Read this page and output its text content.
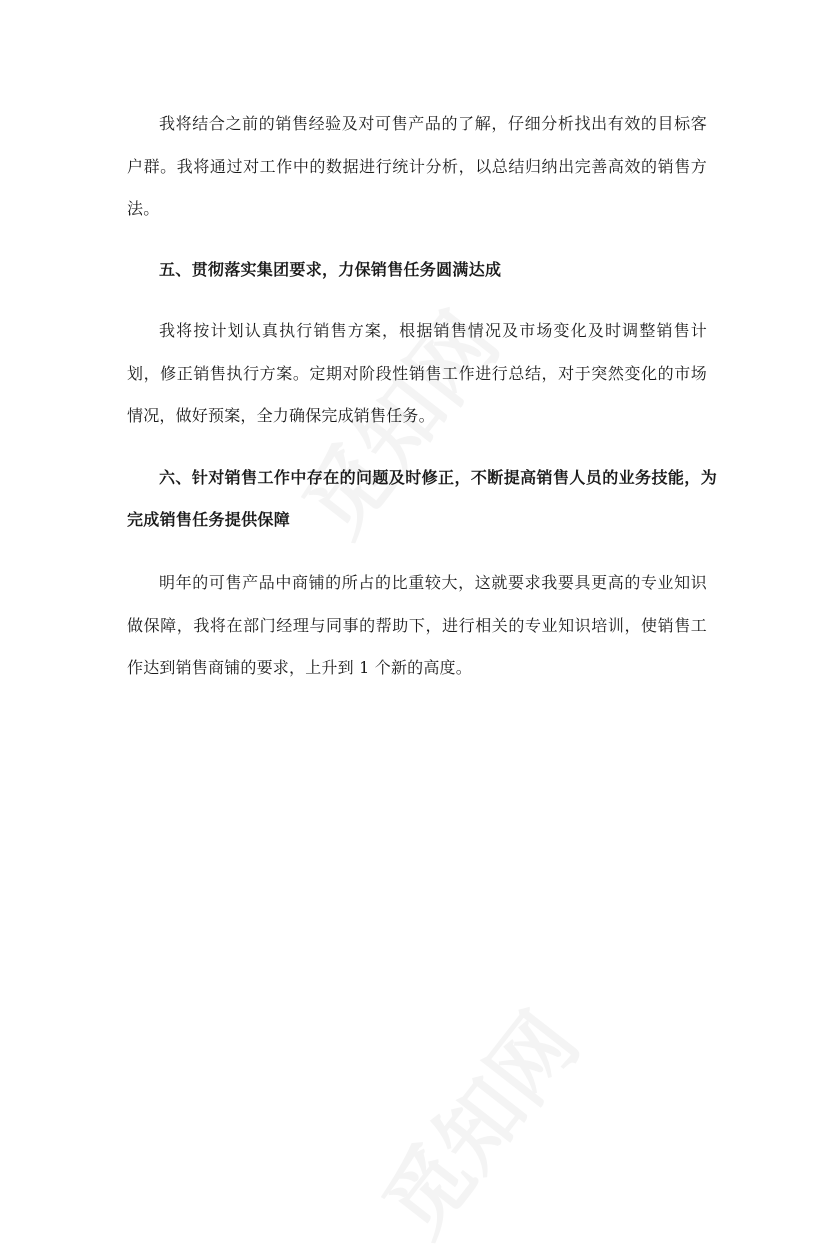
我将结合之前的销售经验及对可售产品的了解，仔细分析找出有效的目标客户群。我将通过对工作中的数据进行统计分析，以总结归纳出完善高效的销售方法。

五、贯彻落实集团要求，力保销售任务圆满达成

我将按计划认真执行销售方案，根据销售情况及市场变化及时调整销售计划，修正销售执行方案。定期对阶段性销售工作进行总结，对于突然变化的市场情况，做好预案，全力确保完成销售任务。

六、针对销售工作中存在的问题及时修正，不断提高销售人员的业务技能，为完成销售任务提供保障

明年的可售产品中商铺的所占的比重较大，这就要求我要具更高的专业知识做保障，我将在部门经理与同事的帮助下，进行相关的专业知识培训，使销售工作达到销售商铺的要求，上升到 1 个新的高度。
